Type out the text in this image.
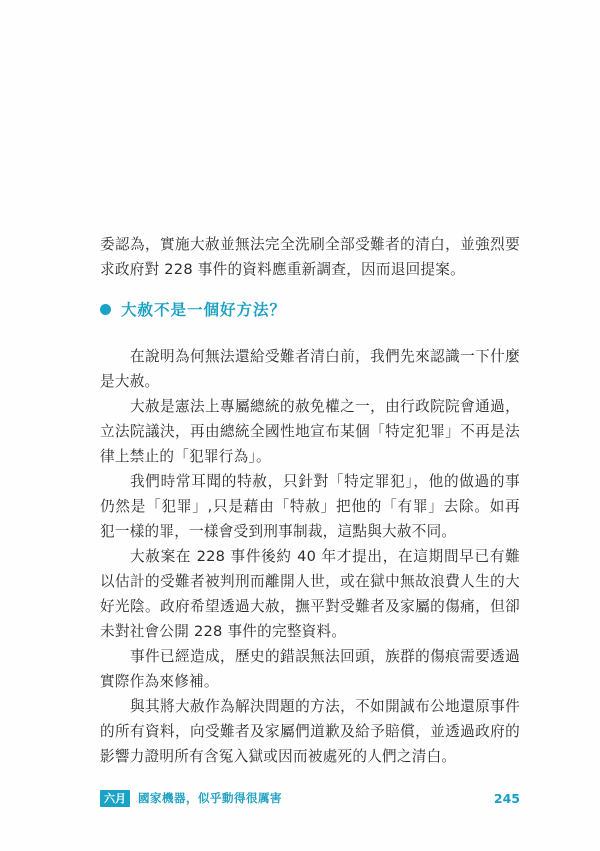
委認為，實施大赦並無法完全洗刷全部受難者的清白，並強烈要求政府對 228 事件的資料應重新調查，因而退回提案。

大赦不是一個好方法？

在說明為何無法還給受難者清白前，我們先來認識一下什麼是大赦。

大赦是憲法上專屬總統的赦免權之一，由行政院院會通過，立法院議決，再由總統全國性地宣布某個「特定犯罪」不再是法律上禁止的「犯罪行為」。

我們時常耳聞的特赦，只針對「特定罪犯」，他的做過的事仍然是「犯罪」,只是藉由「特赦」把他的「有罪」去除。如再犯一樣的罪，一樣會受到刑事制裁，這點與大赦不同。

大赦案在 228 事件後約 40 年才提出，在這期間早已有難以估計的受難者被判刑而離開人世，或在獄中無故浪費人生的大好光陰。政府希望透過大赦，撫平對受難者及家屬的傷痛，但卻未對社會公開 228 事件的完整資料。

事件已經造成，歷史的錯誤無法回頭，族群的傷痕需要透過實際作為來修補。

與其將大赦作為解決問題的方法，不如開誠布公地還原事件的所有資料，向受難者及家屬們道歉及給予賠償，並透過政府的影響力證明所有含冤入獄或因而被處死的人們之清白。

六月	國家機器，似乎動得很厲害	245
